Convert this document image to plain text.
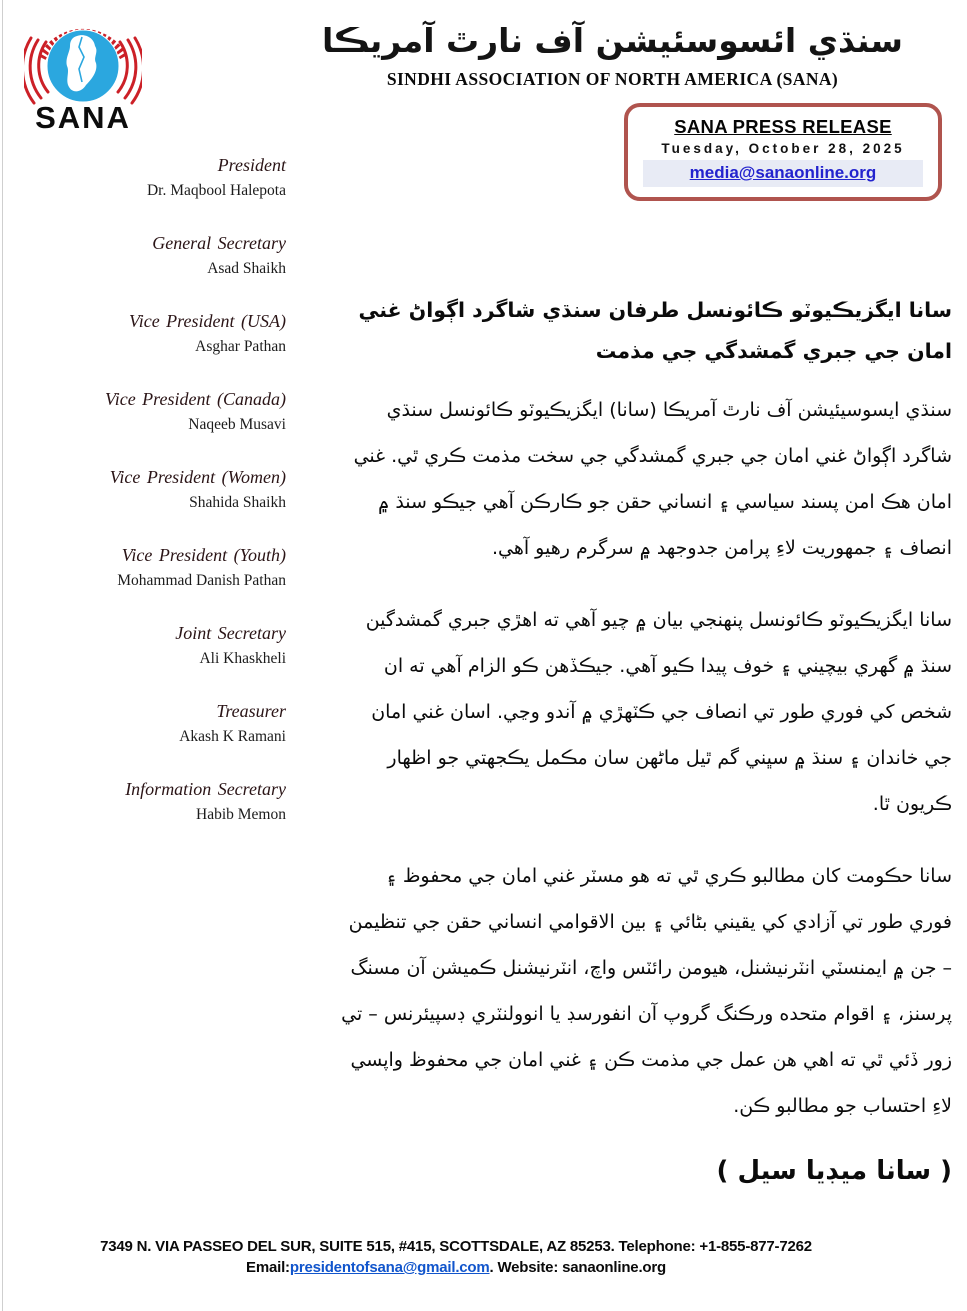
SANA
سنڌي ائسوسئيشن آف نارٿ آمريڪا
SINDHI ASSOCIATION OF NORTH AMERICA (SANA)
SANA PRESS RELEASE
Tuesday, October 28, 2025
media@sanaonline.org
President
Dr. Maqbool Halepota
General Secretary
Asad Shaikh
Vice President (USA)
Asghar Pathan
Vice President (Canada)
Naqeeb Musavi
Vice President (Women)
Shahida Shaikh
Vice President (Youth)
Mohammad Danish Pathan
Joint Secretary
Ali Khaskheli
Treasurer
Akash K Ramani
Information Secretary
Habib Memon
سانا ايگزيڪيوٽو ڪائونسل طرفان سنڌي شاگرد اڳواڻ غني امان جي جبري گمشدگي جي مذمت

سنڌي ايسوسيئيشن آف نارٿ آمريڪا (سانا) ايگزيڪيوٽو ڪائونسل سنڌي شاگرد اڳواڻ غني امان جي جبري گمشدگي جي سخت مذمت ڪري ٿي. غني امان هڪ امن پسند سياسي ۽ انساني حقن جو ڪارڪن آهي جيڪو سنڌ ۾ انصاف ۽ جمهوريت لاءِ پرامن جدوجهد ۾ سرگرم رهيو آهي.

سانا ايگزيڪيوٽو ڪائونسل پنهنجي بيان ۾ چيو آهي ته اهڙي جبري گمشدگين سنڌ ۾ گهري بيچيني ۽ خوف پيدا ڪيو آهي. جيڪڏهن ڪو الزام آهي ته ان شخص کي فوري طور تي انصاف جي ڪٽهڙي ۾ آندو وڃي. اسان غني امان جي خاندان ۽ سنڌ ۾ سڀني گم ٿيل ماڻهن سان مڪمل يڪجهتي جو اظهار ڪريون ٿا.

سانا حڪومت کان مطالبو ڪري ٿي ته هو مسٽر غني امان جي محفوظ ۽ فوري طور تي آزادي کي يقيني بڻائي ۽ بين الاقوامي انساني حقن جي تنظيمن – جن ۾ ايمنسٽي انٽرنيشنل، هيومن رائٽس واچ، انٽرنيشنل ڪميشن آن مسنگ پرسنز، ۽ اقوام متحده ورڪنگ گروپ آن انفورسڊ يا انوولنٽري ڊسپيئرنس – تي زور ڏئي ٿي ته اهي هن عمل جي مذمت ڪن ۽ غني امان جي محفوظ واپسي لاءِ احتساب جو مطالبو ڪن.

( سانا ميڊيا سيل )
7349 N. VIA PASSEO DEL SUR, SUITE 515, #415, SCOTTSDALE, AZ 85253. Telephone: +1-855-877-7262
Email:presidentofsana@gmail.com. Website: sanaonline.org
